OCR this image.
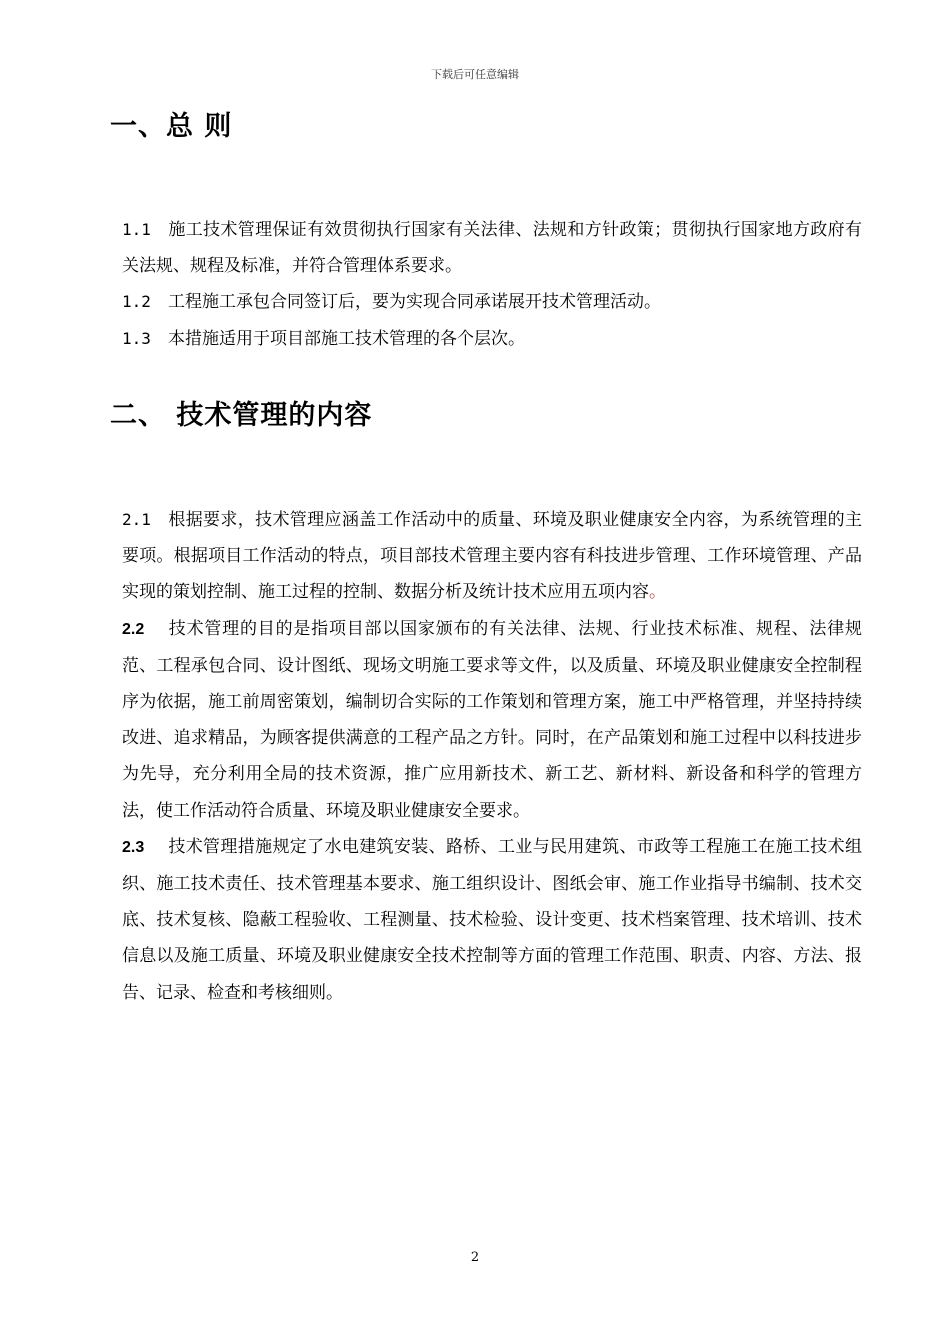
下载后可任意编辑
一、总 则

1.1 施工技术管理保证有效贯彻执行国家有关法律、法规和方针政策；贯彻执行国家地方政府有关法规、规程及标准，并符合管理体系要求。

1.2 工程施工承包合同签订后，要为实现合同承诺展开技术管理活动。

1.3 本措施适用于项目部施工技术管理的各个层次。

二、 技术管理的内容

2.1 根据要求，技术管理应涵盖工作活动中的质量、环境及职业健康安全内容，为系统管理的主要项。根据项目工作活动的特点，项目部技术管理主要内容有科技进步管理、工作环境管理、产品实现的策划控制、施工过程的控制、数据分析及统计技术应用五项内容。

2.2 技术管理的目的是指项目部以国家颁布的有关法律、法规、行业技术标准、规程、法律规范、工程承包合同、设计图纸、现场文明施工要求等文件，以及质量、环境及职业健康安全控制程序为依据，施工前周密策划，编制切合实际的工作策划和管理方案，施工中严格管理，并坚持持续改进、追求精品，为顾客提供满意的工程产品之方针。同时，在产品策划和施工过程中以科技进步为先导，充分利用全局的技术资源，推广应用新技术、新工艺、新材料、新设备和科学的管理方法，使工作活动符合质量、环境及职业健康安全要求。

2.3 技术管理措施规定了水电建筑安装、路桥、工业与民用建筑、市政等工程施工在施工技术组织、施工技术责任、技术管理基本要求、施工组织设计、图纸会审、施工作业指导书编制、技术交底、技术复核、隐蔽工程验收、工程测量、技术检验、设计变更、技术档案管理、技术培训、技术信息以及施工质量、环境及职业健康安全技术控制等方面的管理工作范围、职责、内容、方法、报告、记录、检查和考核细则。

2
